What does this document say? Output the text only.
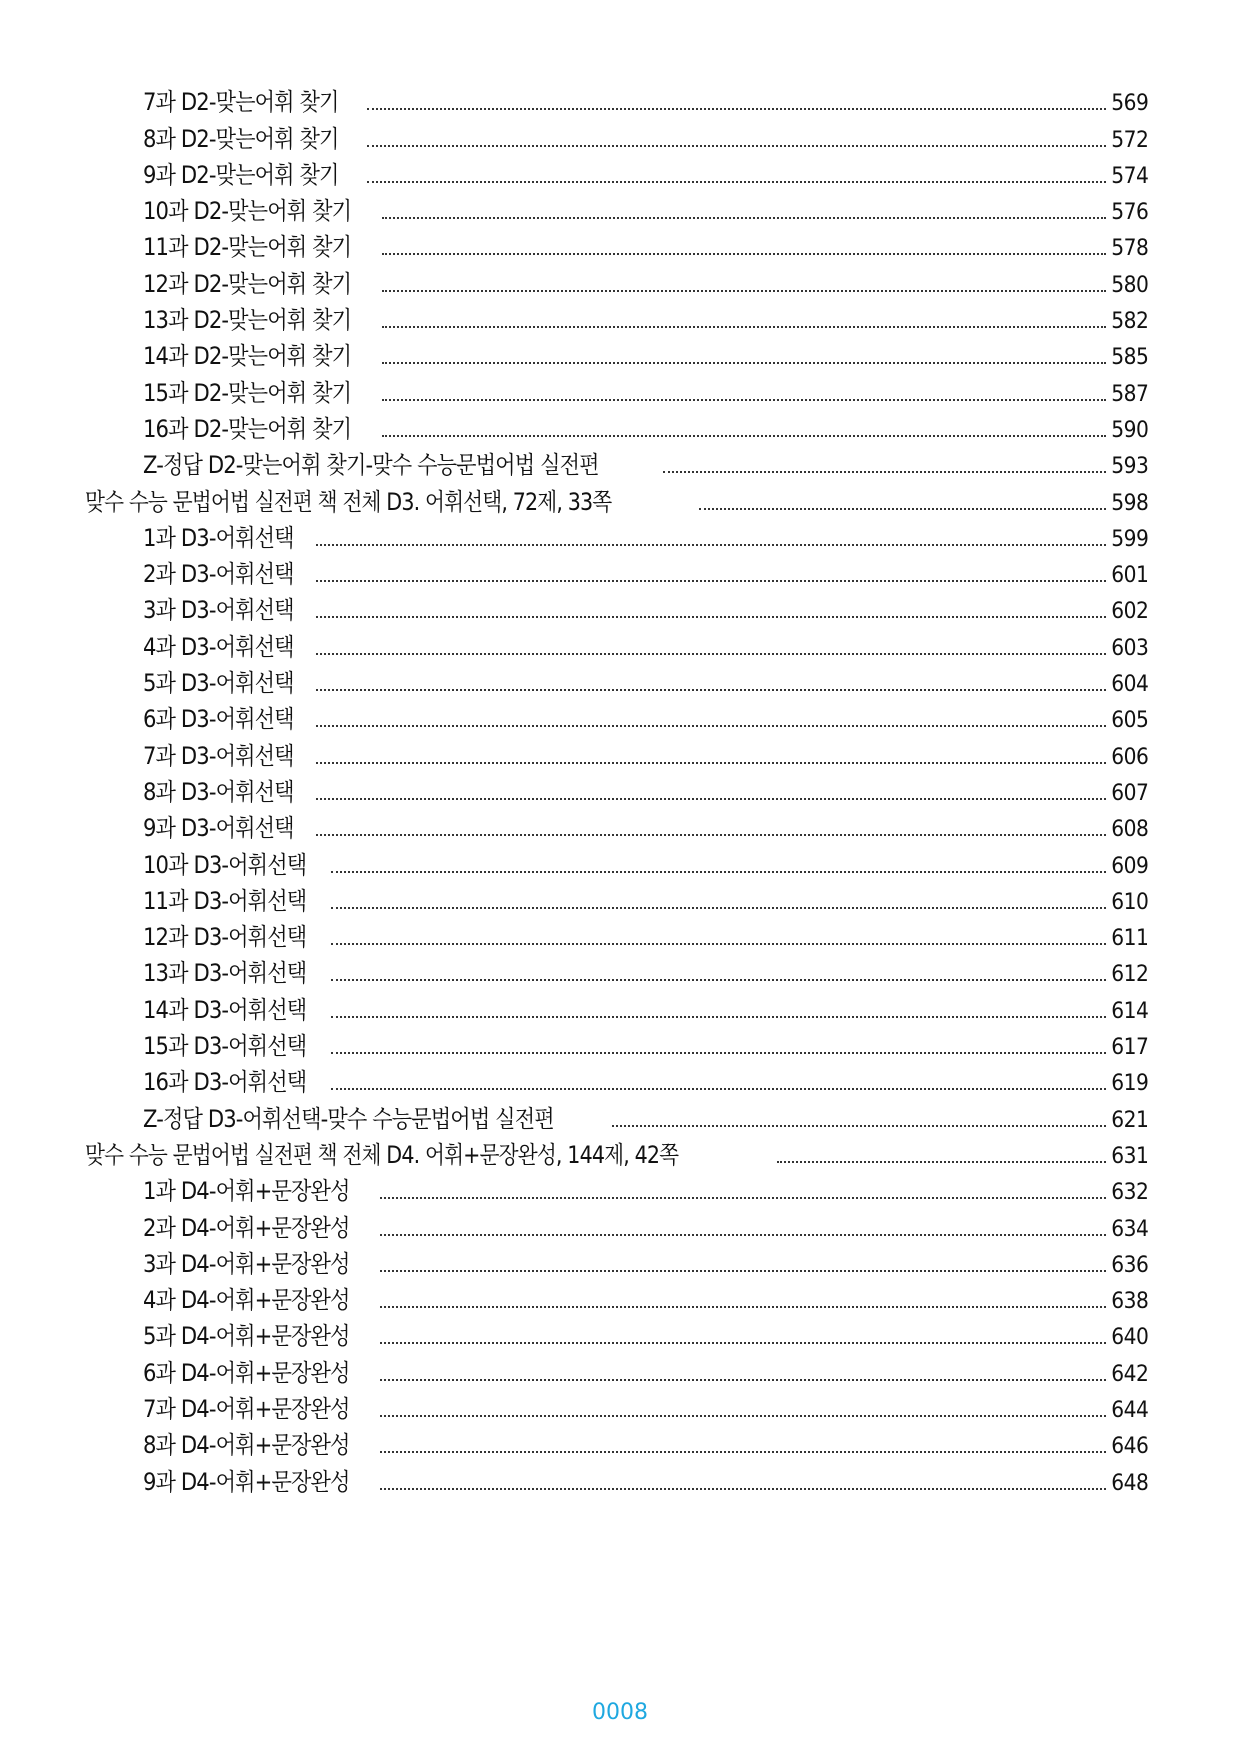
7과 D2-맞는어휘 찾기	569
8과 D2-맞는어휘 찾기	572
9과 D2-맞는어휘 찾기	574
10과 D2-맞는어휘 찾기	576
11과 D2-맞는어휘 찾기	578
12과 D2-맞는어휘 찾기	580
13과 D2-맞는어휘 찾기	582
14과 D2-맞는어휘 찾기	585
15과 D2-맞는어휘 찾기	587
16과 D2-맞는어휘 찾기	590
Z-정답 D2-맞는어휘 찾기-맞수 수능문법어법 실전편	593
맞수 수능 문법어법 실전편 책 전체 D3. 어휘선택, 72제, 33쪽	598
1과 D3-어휘선택	599
2과 D3-어휘선택	601
3과 D3-어휘선택	602
4과 D3-어휘선택	603
5과 D3-어휘선택	604
6과 D3-어휘선택	605
7과 D3-어휘선택	606
8과 D3-어휘선택	607
9과 D3-어휘선택	608
10과 D3-어휘선택	609
11과 D3-어휘선택	610
12과 D3-어휘선택	611
13과 D3-어휘선택	612
14과 D3-어휘선택	614
15과 D3-어휘선택	617
16과 D3-어휘선택	619
Z-정답 D3-어휘선택-맞수 수능문법어법 실전편	621
맞수 수능 문법어법 실전편 책 전체 D4. 어휘+문장완성, 144제, 42쪽	631
1과 D4-어휘+문장완성	632
2과 D4-어휘+문장완성	634
3과 D4-어휘+문장완성	636
4과 D4-어휘+문장완성	638
5과 D4-어휘+문장완성	640
6과 D4-어휘+문장완성	642
7과 D4-어휘+문장완성	644
8과 D4-어휘+문장완성	646
9과 D4-어휘+문장완성	648
0008
